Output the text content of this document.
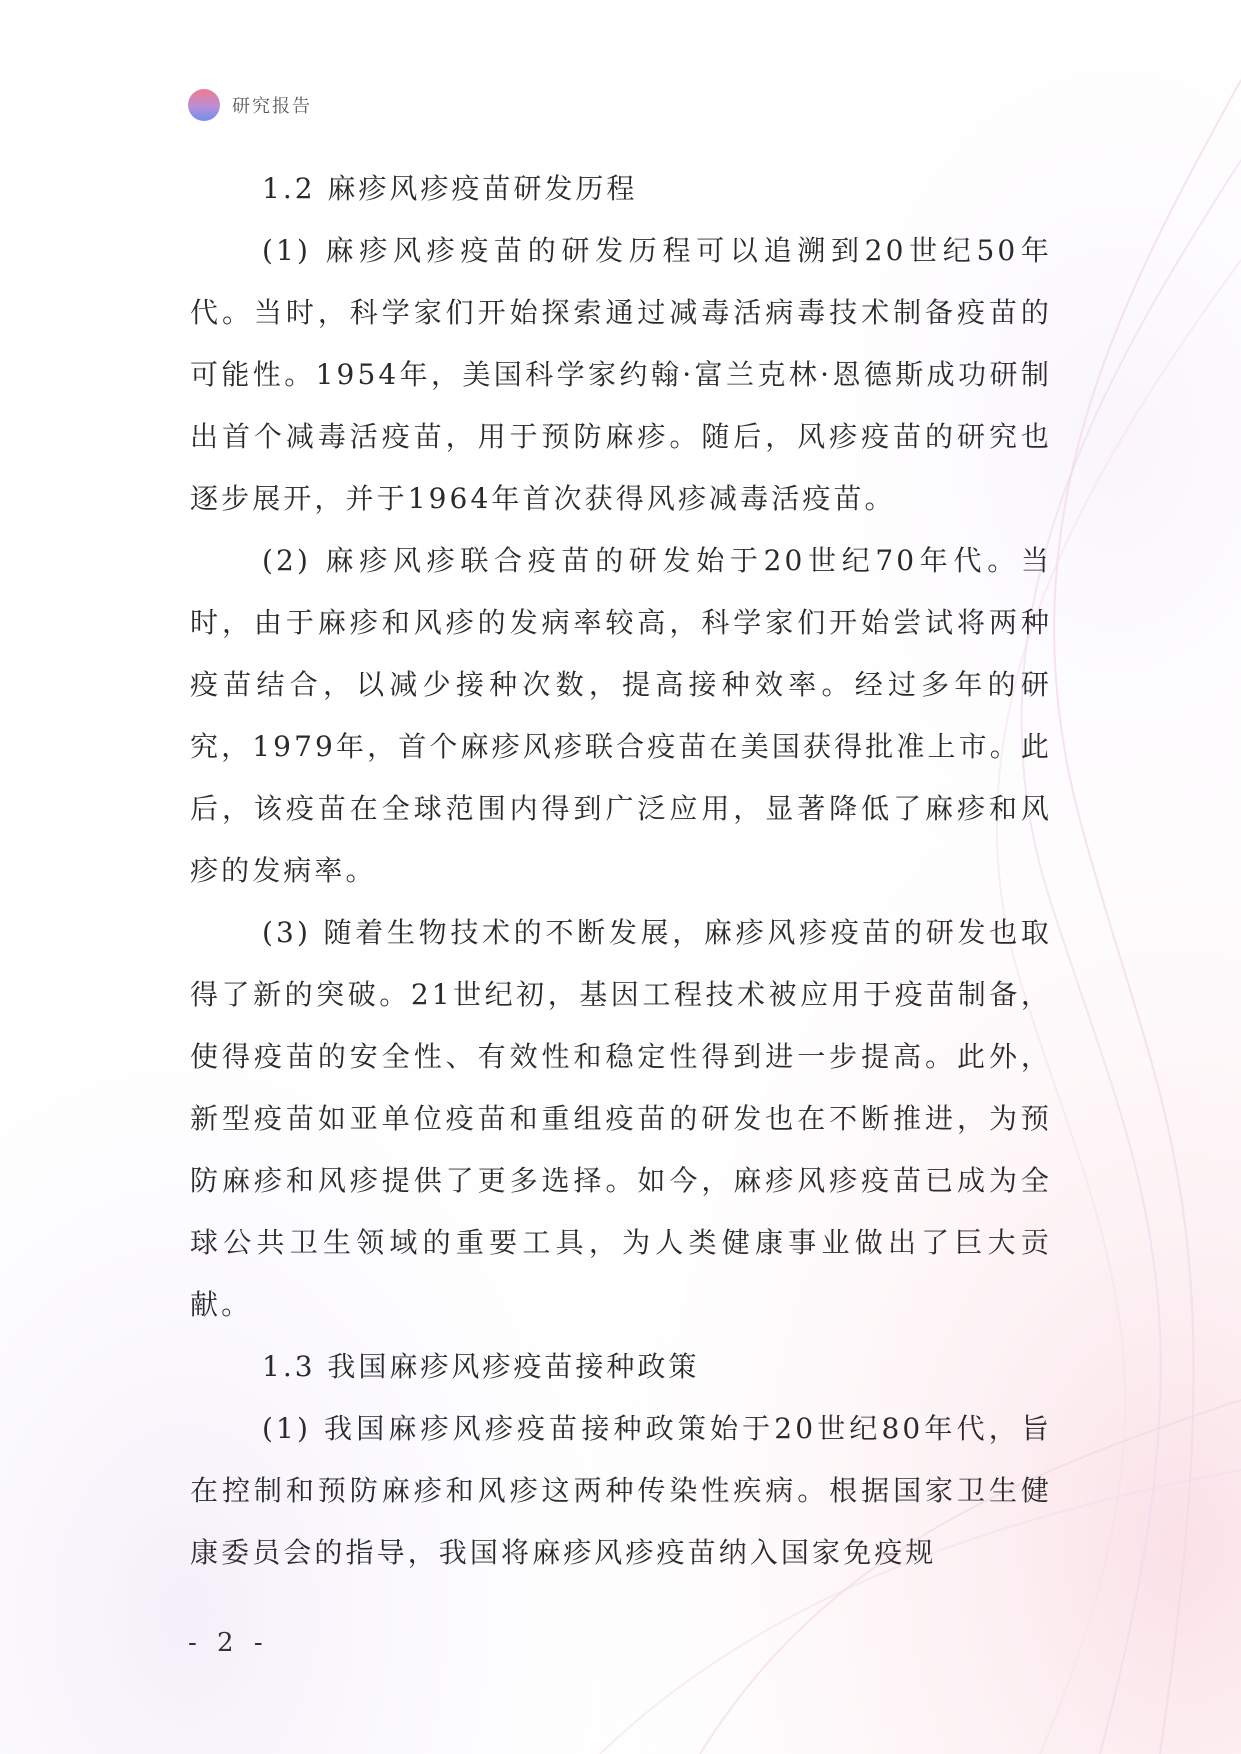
研究报告
1.2 麻疹风疹疫苗研发历程

(1) 麻疹风疹疫苗的研发历程可以追溯到20世纪50年代。当时，科学家们开始探索通过减毒活病毒技术制备疫苗的可能性。1954年，美国科学家约翰·富兰克林·恩德斯成功研制出首个减毒活疫苗，用于预防麻疹。随后，风疹疫苗的研究也逐步展开，并于1964年首次获得风疹减毒活疫苗。

(2) 麻疹风疹联合疫苗的研发始于20世纪70年代。当时，由于麻疹和风疹的发病率较高，科学家们开始尝试将两种疫苗结合，以减少接种次数，提高接种效率。经过多年的研究，1979年，首个麻疹风疹联合疫苗在美国获得批准上市。此后，该疫苗在全球范围内得到广泛应用，显著降低了麻疹和风疹的发病率。

(3) 随着生物技术的不断发展，麻疹风疹疫苗的研发也取得了新的突破。21世纪初，基因工程技术被应用于疫苗制备，使得疫苗的安全性、有效性和稳定性得到进一步提高。此外，新型疫苗如亚单位疫苗和重组疫苗的研发也在不断推进，为预防麻疹和风疹提供了更多选择。如今，麻疹风疹疫苗已成为全球公共卫生领域的重要工具，为人类健康事业做出了巨大贡献。

1.3 我国麻疹风疹疫苗接种政策

(1) 我国麻疹风疹疫苗接种政策始于20世纪80年代，旨在控制和预防麻疹和风疹这两种传染性疾病。根据国家卫生健康委员会的指导，我国将麻疹风疹疫苗纳入国家免疫规

- 2 -
